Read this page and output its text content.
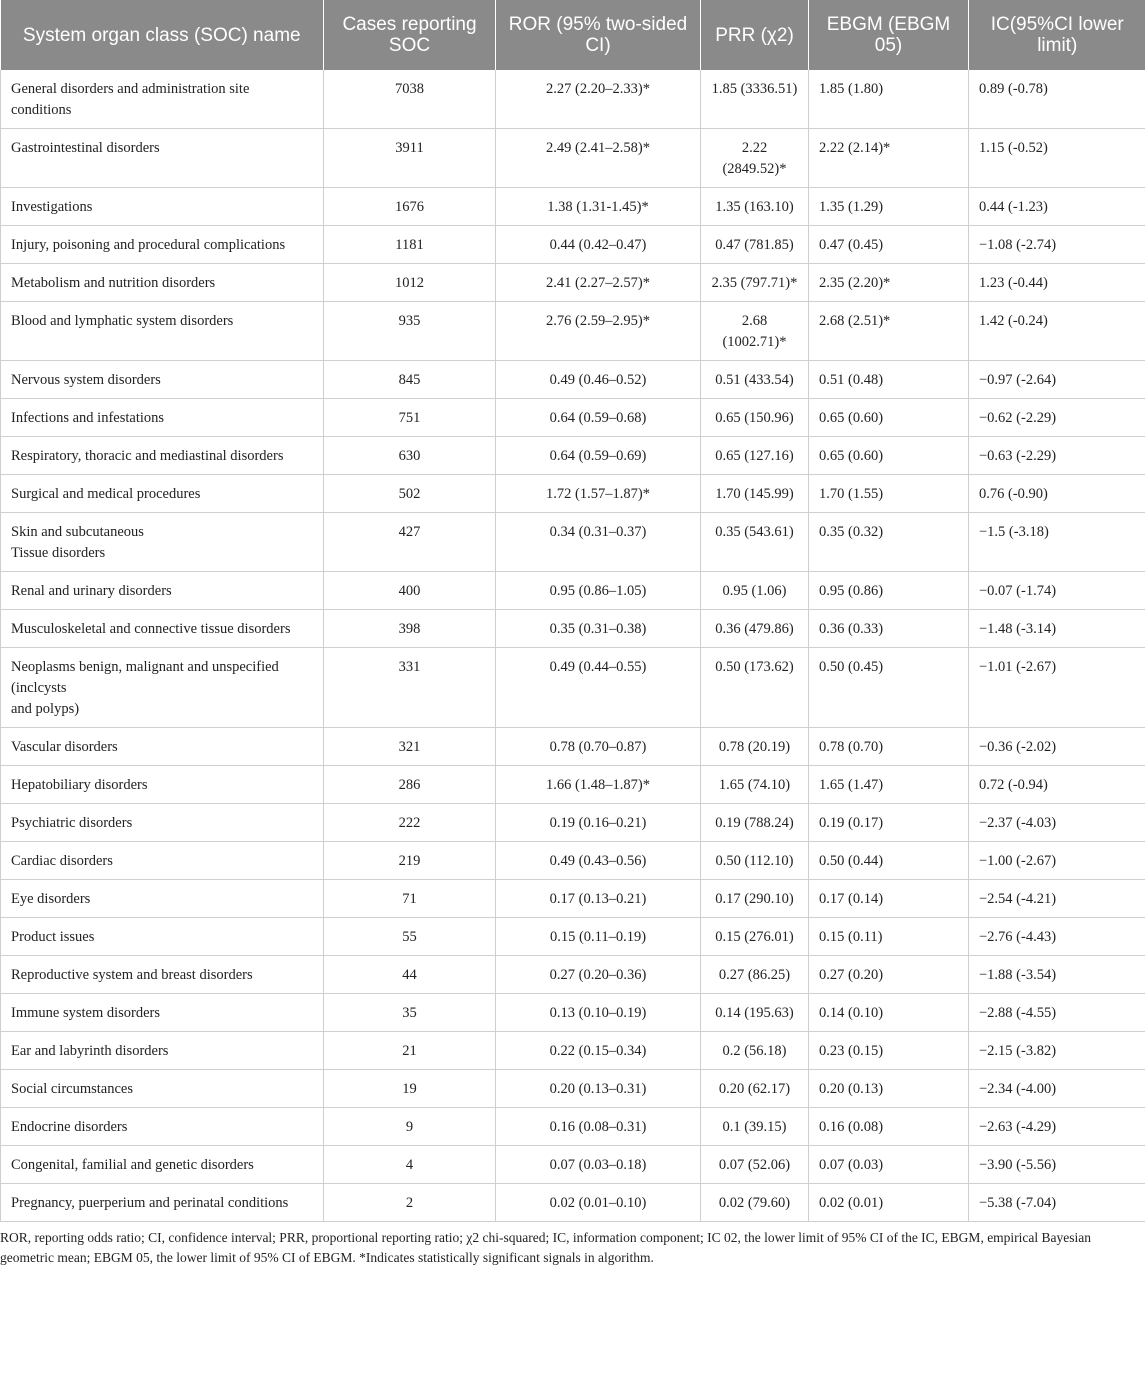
System organ class (SOC) name	Cases reporting SOC	ROR (95% two-sided CI)	PRR (χ2)	EBGM (EBGM 05)	IC(95%CI lower limit)
General disorders and administration site conditions	7038	2.27 (2.20–2.33)*	1.85 (3336.51)	1.85 (1.80)	0.89 (-0.78)
Gastrointestinal disorders	3911	2.49 (2.41–2.58)*	2.22 (2849.52)*	2.22 (2.14)*	1.15 (-0.52)
Investigations	1676	1.38 (1.31-1.45)*	1.35 (163.10)	1.35 (1.29)	0.44 (-1.23)
Injury, poisoning and procedural complications	1181	0.44 (0.42–0.47)	0.47 (781.85)	0.47 (0.45)	−1.08 (-2.74)
Metabolism and nutrition disorders	1012	2.41 (2.27–2.57)*	2.35 (797.71)*	2.35 (2.20)*	1.23 (-0.44)
Blood and lymphatic system disorders	935	2.76 (2.59–2.95)*	2.68 (1002.71)*	2.68 (2.51)*	1.42 (-0.24)
Nervous system disorders	845	0.49 (0.46–0.52)	0.51 (433.54)	0.51 (0.48)	−0.97 (-2.64)
Infections and infestations	751	0.64 (0.59–0.68)	0.65 (150.96)	0.65 (0.60)	−0.62 (-2.29)
Respiratory, thoracic and mediastinal disorders	630	0.64 (0.59–0.69)	0.65 (127.16)	0.65 (0.60)	−0.63 (-2.29)
Surgical and medical procedures	502	1.72 (1.57–1.87)*	1.70 (145.99)	1.70 (1.55)	0.76 (-0.90)
Skin and subcutaneous
Tissue disorders	427	0.34 (0.31–0.37)	0.35 (543.61)	0.35 (0.32)	−1.5 (-3.18)
Renal and urinary disorders	400	0.95 (0.86–1.05)	0.95 (1.06)	0.95 (0.86)	−0.07 (-1.74)
Musculoskeletal and connective tissue disorders	398	0.35 (0.31–0.38)	0.36 (479.86)	0.36 (0.33)	−1.48 (-3.14)
Neoplasms benign, malignant and unspecified (inclcysts
and polyps)	331	0.49 (0.44–0.55)	0.50 (173.62)	0.50 (0.45)	−1.01 (-2.67)
Vascular disorders	321	0.78 (0.70–0.87)	0.78 (20.19)	0.78 (0.70)	−0.36 (-2.02)
Hepatobiliary disorders	286	1.66 (1.48–1.87)*	1.65 (74.10)	1.65 (1.47)	0.72 (-0.94)
Psychiatric disorders	222	0.19 (0.16–0.21)	0.19 (788.24)	0.19 (0.17)	−2.37 (-4.03)
Cardiac disorders	219	0.49 (0.43–0.56)	0.50 (112.10)	0.50 (0.44)	−1.00 (-2.67)
Eye disorders	71	0.17 (0.13–0.21)	0.17 (290.10)	0.17 (0.14)	−2.54 (-4.21)
Product issues	55	0.15 (0.11–0.19)	0.15 (276.01)	0.15 (0.11)	−2.76 (-4.43)
Reproductive system and breast disorders	44	0.27 (0.20–0.36)	0.27 (86.25)	0.27 (0.20)	−1.88 (-3.54)
Immune system disorders	35	0.13 (0.10–0.19)	0.14 (195.63)	0.14 (0.10)	−2.88 (-4.55)
Ear and labyrinth disorders	21	0.22 (0.15–0.34)	0.2 (56.18)	0.23 (0.15)	−2.15 (-3.82)
Social circumstances	19	0.20 (0.13–0.31)	0.20 (62.17)	0.20 (0.13)	−2.34 (-4.00)
Endocrine disorders	9	0.16 (0.08–0.31)	0.1 (39.15)	0.16 (0.08)	−2.63 (-4.29)
Congenital, familial and genetic disorders	4	0.07 (0.03–0.18)	0.07 (52.06)	0.07 (0.03)	−3.90 (-5.56)
Pregnancy, puerperium and perinatal conditions	2	0.02 (0.01–0.10)	0.02 (79.60)	0.02 (0.01)	−5.38 (-7.04)
ROR, reporting odds ratio; CI, confidence interval; PRR, proportional reporting ratio; χ2 chi-squared; IC, information component; IC 02, the lower limit of 95% CI of the IC, EBGM, empirical Bayesian geometric mean; EBGM 05, the lower limit of 95% CI of EBGM. *Indicates statistically significant signals in algorithm.
